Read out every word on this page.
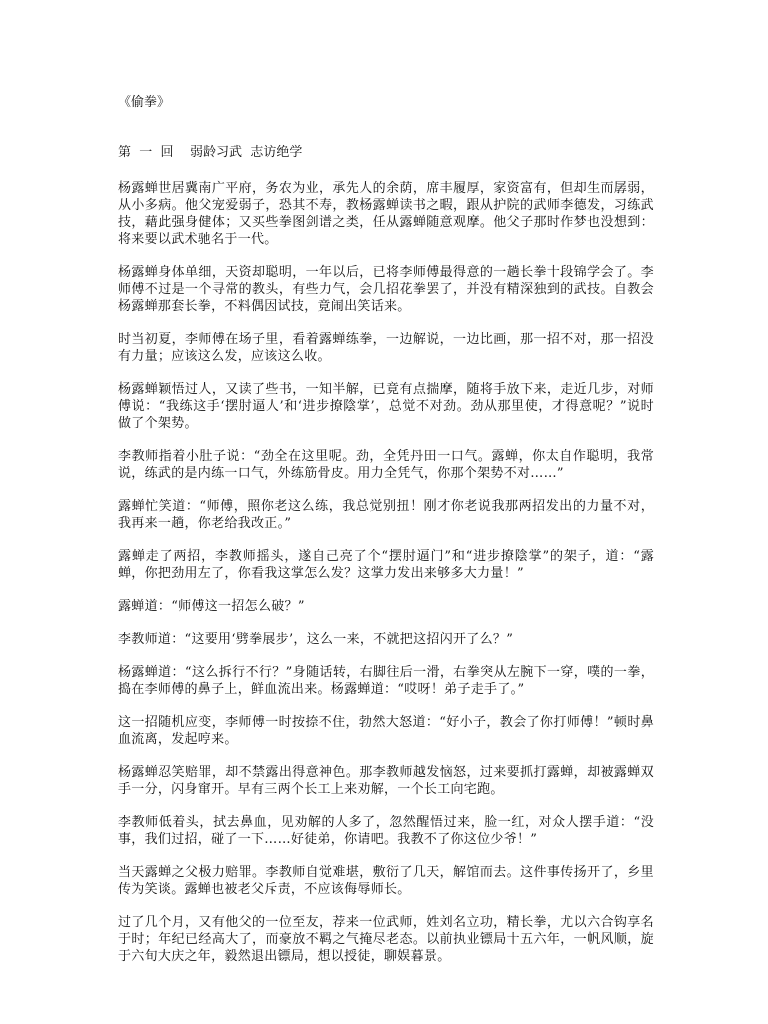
《偷拳》
第  一  回    弱龄习武  志访绝学

杨露蝉世居冀南广平府，务农为业，承先人的余荫，席丰履厚，家资富有，但却生而孱弱，从小多病。他父宠爱弱子，恐其不寿，教杨露蝉读书之暇，跟从护院的武师李德发，习练武技，藉此强身健体；又买些拳图剑谱之类，任从露蝉随意观摩。他父子那时作梦也没想到：将来要以武术驰名于一代。

杨露蝉身体单细，天资却聪明，一年以后，已将李师傅最得意的一趟长拳十段锦学会了。李师傅不过是一个寻常的教头，有些力气，会几招花拳罢了，并没有精深独到的武技。自教会杨露蝉那套长拳，不料偶因试技，竟闹出笑话来。

时当初夏，李师傅在场子里，看着露蝉练拳，一边解说，一边比画，那一招不对，那一招没有力量；应该这么发，应该这么收。

杨露蝉颖悟过人，又读了些书，一知半解，已竟有点揣摩，随将手放下来，走近几步，对师傅说：“我练这手‘摆肘逼人’和‘进步撩陰掌’，总觉不对劲。劲从那里使，才得意呢？”说时做了个架势。

李教师指着小肚子说：“劲全在这里呢。劲，全凭丹田一口气。露蝉，你太自作聪明，我常说，练武的是内练一口气，外练筋骨皮。用力全凭气，你那个架势不对……”

露蝉忙笑道：“师傅，照你老这么练，我总觉别扭！刚才你老说我那两招发出的力量不对，我再来一趟，你老给我改正。”

露蝉走了两招，李教师摇头，遂自己亮了个“摆肘逼门”和“进步撩陰掌”的架子，道：“露蝉，你把劲用左了，你看我这掌怎么发？这掌力发出来够多大力量！”

露蝉道：“师傅这一招怎么破？”

李教师道：“这要用‘劈拳展步’，这么一来，不就把这招闪开了么？”

杨露蝉道：“这么拆行不行？”身随话转，右脚往后一滑，右拳突从左腕下一穿，噗的一拳，捣在李师傅的鼻子上，鲜血流出来。杨露蝉道：“哎呀！弟子走手了。”

这一招随机应变，李师傅一时按捺不住，勃然大怒道：“好小子，教会了你打师傅！”顿时鼻血流离，发起哼来。

杨露蝉忍笑赔罪，却不禁露出得意神色。那李教师越发恼怒，过来要抓打露蝉，却被露蝉双手一分，闪身窜开。早有三两个长工上来劝解，一个长工向宅跑。

李教师低着头，拭去鼻血，见劝解的人多了，忽然醒悟过来，脸一红，对众人摆手道：“没事，我们过招，碰了一下……好徒弟，你请吧。我教不了你这位少爷！”

当天露蝉之父极力赔罪。李教师自觉难堪，敷衍了几天，解馆而去。这件事传扬开了，乡里传为笑谈。露蝉也被老父斥责，不应该侮辱师长。

过了几个月，又有他父的一位至友，荐来一位武师，姓刘名立功，精长拳，尤以六合钩享名于时；年纪已经高大了，而豪放不羁之气掩尽老态。以前执业镖局十五六年，一帆风顺，旋于六旬大庆之年，毅然退出镖局，想以授徒，聊娱暮景。
